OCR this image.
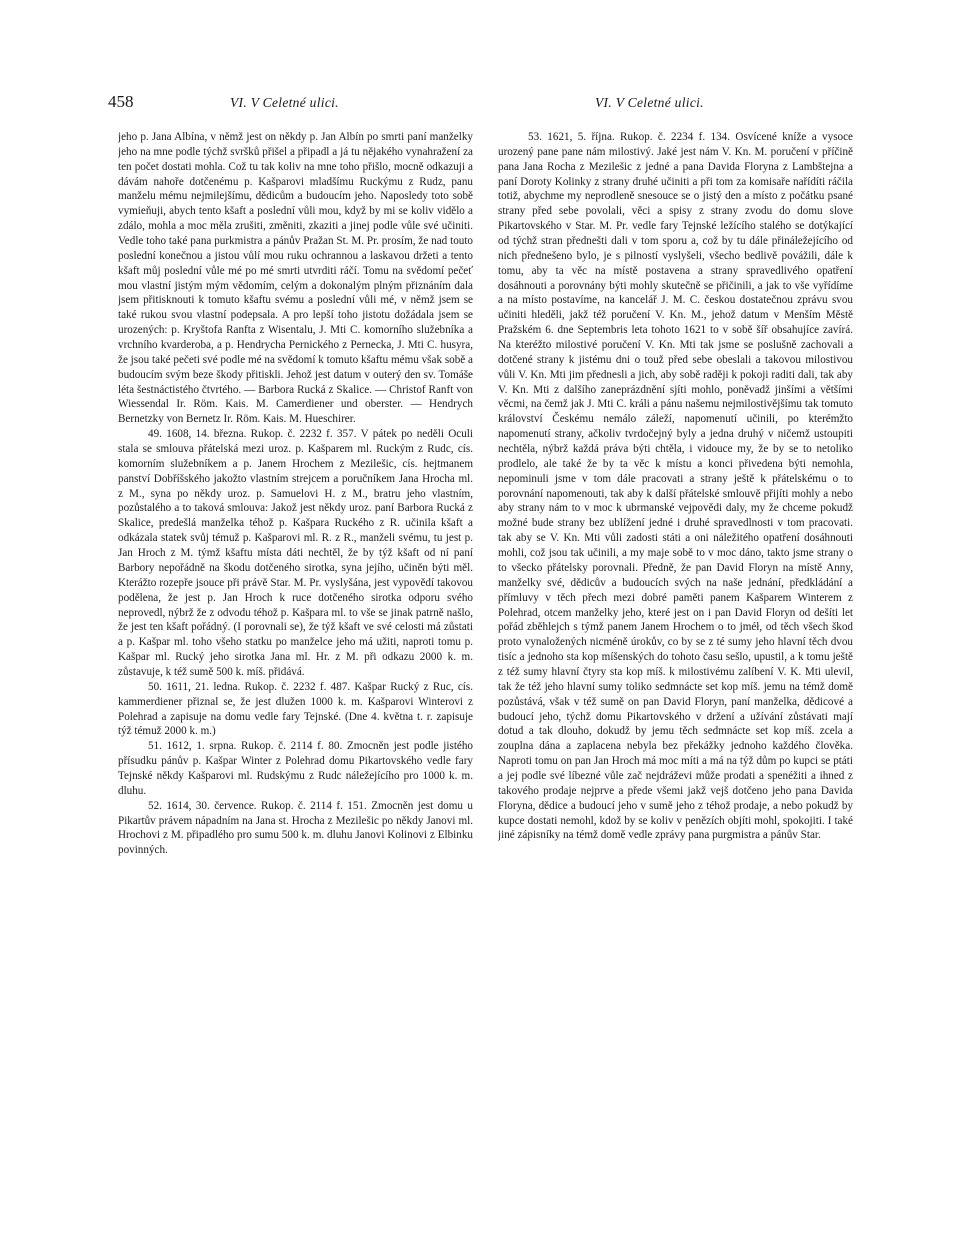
458	VI. V Celetné ulici.	VI. V Celetné ulici.

jeho p. Jana Albína, v němž jest on někdy p. Jan Albín po smrti paní manželky jeho na mne podle týchž svršků přišel a připadl a já tu nějakého vynahražení za ten počet dostati mohla. Což tu tak koliv na mne toho přišlo, mocně odkazuji a dávám nahoře dotčenému p. Kašparovi mladšímu Ruckýmu z Rudz, panu manželu mému nejmilejšímu, dědicům a budoucím jeho. Naposledy toto sobě vymieňuji, abych tento kšaft a poslední vůli mou, když by mi se koliv vidělo a zdálo, mohla a moc měla zrušiti, změniti, zkaziti a jinej podle vůle své učiniti. Vedle toho také pana purkmistra a pánův Pražan St. M. Pr. prosím, že nad touto poslední konečnou a jistou vůlí mou ruku ochrannou a laskavou držeti a tento kšaft můj poslední vůle mé po mé smrti utvrditi ráčí. Tomu na svědomí pečeť mou vlastní jistým mým vědomím, celým a dokonalým plným přiznáním dala jsem přitisknouti k tomuto kšaftu svému a poslední vůli mé, v němž jsem se také rukou svou vlastní podepsala. A pro lepší toho jistotu dožádala jsem se urozených: p. Kryštofa Ranfta z Wisentalu, J. Mti C. komorního služebníka a vrchního kvarderoba, a p. Hendrycha Pernického z Pernecka, J. Mti C. husyra, že jsou také pečeti své podle mé na svědomí k tomuto kšaftu mému však sobě a budoucím svým beze škody přitiskli. Jehož jest datum v outerý den sv. Tomáše léta šestnáctistého čtvrtého. — Barbora Rucká z Skalice. — Christof Ranft von Wiessendal Ir. Röm. Kais. M. Camerdiener und oberster. — Hendrych Bernetzky von Bernetz Ir. Röm. Kais. M. Hueschirer.

49. 1608, 14. března. Rukop. č. 2232 f. 357. V pátek po neděli Oculi stala se smlouva přátelská mezi uroz. p. Kašparem ml. Ruckým z Rudc, cís. komorním služebníkem a p. Janem Hrochem z Mezilešic, cís. hejtmanem panství Dobříšského jakožto vlastním strejcem a poručníkem Jana Hrocha ml. z M., syna po někdy uroz. p. Samuelovi H. z M., bratru jeho vlastním, pozůstalého a to taková smlouva: Jakož jest někdy uroz. paní Barbora Rucká z Skalice, predešlá manželka téhož p. Kašpara Ruckého z R. učinila kšaft a odkázala statek svůj témuž p. Kašparovi ml. R. z R., manželi svému, tu jest p. Jan Hroch z M. týmž kšaftu místa dáti nechtěl, že by týž kšaft od ní paní Barbory nepořádně na škodu dotčeného sirotka, syna jejího, učiněn býti měl. Kterážto rozepře jsouce při právě Star. M. Pr. vyslyšána, jest vypovědí takovou podělena, že jest p. Jan Hroch k ruce dotčeného sirotka odporu svého neprovedl, nýbrž že z odvodu téhož p. Kašpara ml. to vše se jinak patrně našlo, že jest ten kšaft pořádný. (I porovnali se), že týž kšaft ve své celosti má zůstati a p. Kašpar ml. toho všeho statku po manželce jeho má užiti, naproti tomu p. Kašpar ml. Rucký jeho sirotka Jana ml. Hr. z M. při odkazu 2000 k. m. zůstavuje, k též sumě 500 k. míš. přidává.

50. 1611, 21. ledna. Rukop. č. 2232 f. 487. Kašpar Rucký z Ruc, cís. kammerdiener přiznal se, že jest dlužen 1000 k. m. Kašparovi Winterovi z Polehrad a zapisuje na domu vedle fary Tejnské. (Dne 4. května t. r. zapisuje týž témuž 2000 k. m.)

51. 1612, 1. srpna. Rukop. č. 2114 f. 80. Zmocněn jest podle jistého přísudku pánův p. Kašpar Winter z Polehrad domu Pikartovského vedle fary Tejnské někdy Kašparovi ml. Rudskýmu z Rudc náležejícího pro 1000 k. m. dluhu.

52. 1614, 30. července. Rukop. č. 2114 f. 151. Zmocněn jest domu u Pikartův právem nápadním na Jana st. Hrocha z Mezilešic po někdy Janovi ml. Hrochovi z M. připadlého pro sumu 500 k. m. dluhu Janovi Kolinovi z Elbinku povinných.

53. 1621, 5. října. Rukop. č. 2234 f. 134. Osvícené kníže a vysoce urozený pane pane nám milostivý. Jaké jest nám V. Kn. M. poručení v příčině pana Jana Rocha z Mezilešic z jedné a pana Davida Floryna z Lambštejna a paní Doroty Kolinky z strany druhé učiniti a při tom za komisaře nařídíti ráčila totiž, abychme my neprodleně snesouce se o jistý den a místo z počátku psané strany před sebe povolali, věci a spisy z strany zvodu do domu slove Pikartovského v Star. M. Pr. vedle fary Tejnské ležícího staléhо se dotýkající od týchž stran přednešti dali v tom sporu a, což by tu dále přináležejícího od nich přednešeno bylo, je s pilností vyslyšeli, všecho bedlivě povážili, dále k tomu, aby ta věc na místě postavena a strany spravedlivého opatření dosáhnouti a porovnány býti mohly skutečně se přičinili, a jak to vše vyřídíme a na místo postavíme, na kancelář J. M. C. českou dostatečnou zprávu svou učiniti hleděli, jakž též poručení V. Kn. M., jehož datum v Menším Městě Pražském 6. dne Septembris leta tohoto 1621 to v sobě šíř obsahujíce zavírá. Na kteréžto milostivé poručení V. Kn. Mti tak jsme se poslušně zachovali a dotčené strany k jistému dni o touž před sebe obeslali a takovou milostivou vůli V. Kn. Mti jim přednesli a jich, aby sobě raději k pokoji raditi dali, tak aby V. Kn. Mti z dalšího zaneprázdnění sjíti mohlo, poněvadž jinšími a většími věcmi, na čemž jak J. Mti C. králi a pánu našemu nejmilostivějšímu tak tomuto království Českému nemálo záleží, napomenutí učinili, po kterémžto napomenutí strany, ačkoliv tvrdočejný byly a jedna druhý v ničemž ustoupiti nechtěla, nýbrž každá práva býti chtěla, i vidouce my, že by se to netoliko prodlelo, ale také že by ta věc k místu a konci přivedena býti nemohla, nepominuli jsme v tom dále pracovati a strany ještě k přátelskému o to porovnání napomenouti, tak aby k další přátelské smlouvě přijíti mohly a nebo aby strany nám to v moc k ubrmanské vejpovědi daly, my že chceme pokudž možné bude strany bez ublížení jedné i druhé spravedlnosti v tom pracovati. tak aby se V. Kn. Mti vůli zadosti státi a oni náležitého opatření dosáhnouti mohli, což jsou tak učinili, a my maje sobě to v moc dáno, takto jsme strany o to všecko přátelsky porovnali. Předně, že pan David Floryn na místě Anny, manželky své, dědicův a budoucích svých na naše jednání, předkládání a přímluvy v těch přech mezi dobré paměti panem Kašparem Winterem z Polehrad, otcem manželky jeho, které jest on i pan David Floryn od dešíti let pořád zběhlejch s týmž panem Janem Hrochem o to jméł, od těch všech škod proto vynaložených nicméně úrokův, co by se z té sumy jeho hlavní těch dvou tisíc a jednoho sta kop míšenských do tohoto času sešlo, upustil, a k tomu ještě z též sumy hlavní čtyry sta kop míš. k milostivému zalíbení V. K. Mti ulevil, tak že též jeho hlavní sumy toliko sedmnácte set kop míš. jemu na témž domě pozůstává, však v též sumě on pan David Floryn, paní manželka, dědicové a budoucí jeho, týchž domu Pikartovského v držení a užívání zůstávati mají dotud a tak dlouho, dokudž by jemu těch sedmnácte set kop míš. zcela a zouplna dána a zaplacena nebyla bez překážky jednoho každého člověka. Naproti tomu on pan Jan Hroch má moc míti a má na týž dům po kupci se ptáti a jej podle své líbezné vůle zač nejdráževi může prodati a spenéžiti a ihned z takového prodaje nejprve a přede všemi jakž vejš dotčeno jeho pana Davida Floryna, dědice a budoucí jeho v sumě jeho z téhož prodaje, a nebo pokudž by kupce dostati nemohl, kdož by se koliv v penězích objíti mohl, spokojiti. I také jiné zápisníky na témž domě vedle zprávy pana purgmistra a pánův Star.
